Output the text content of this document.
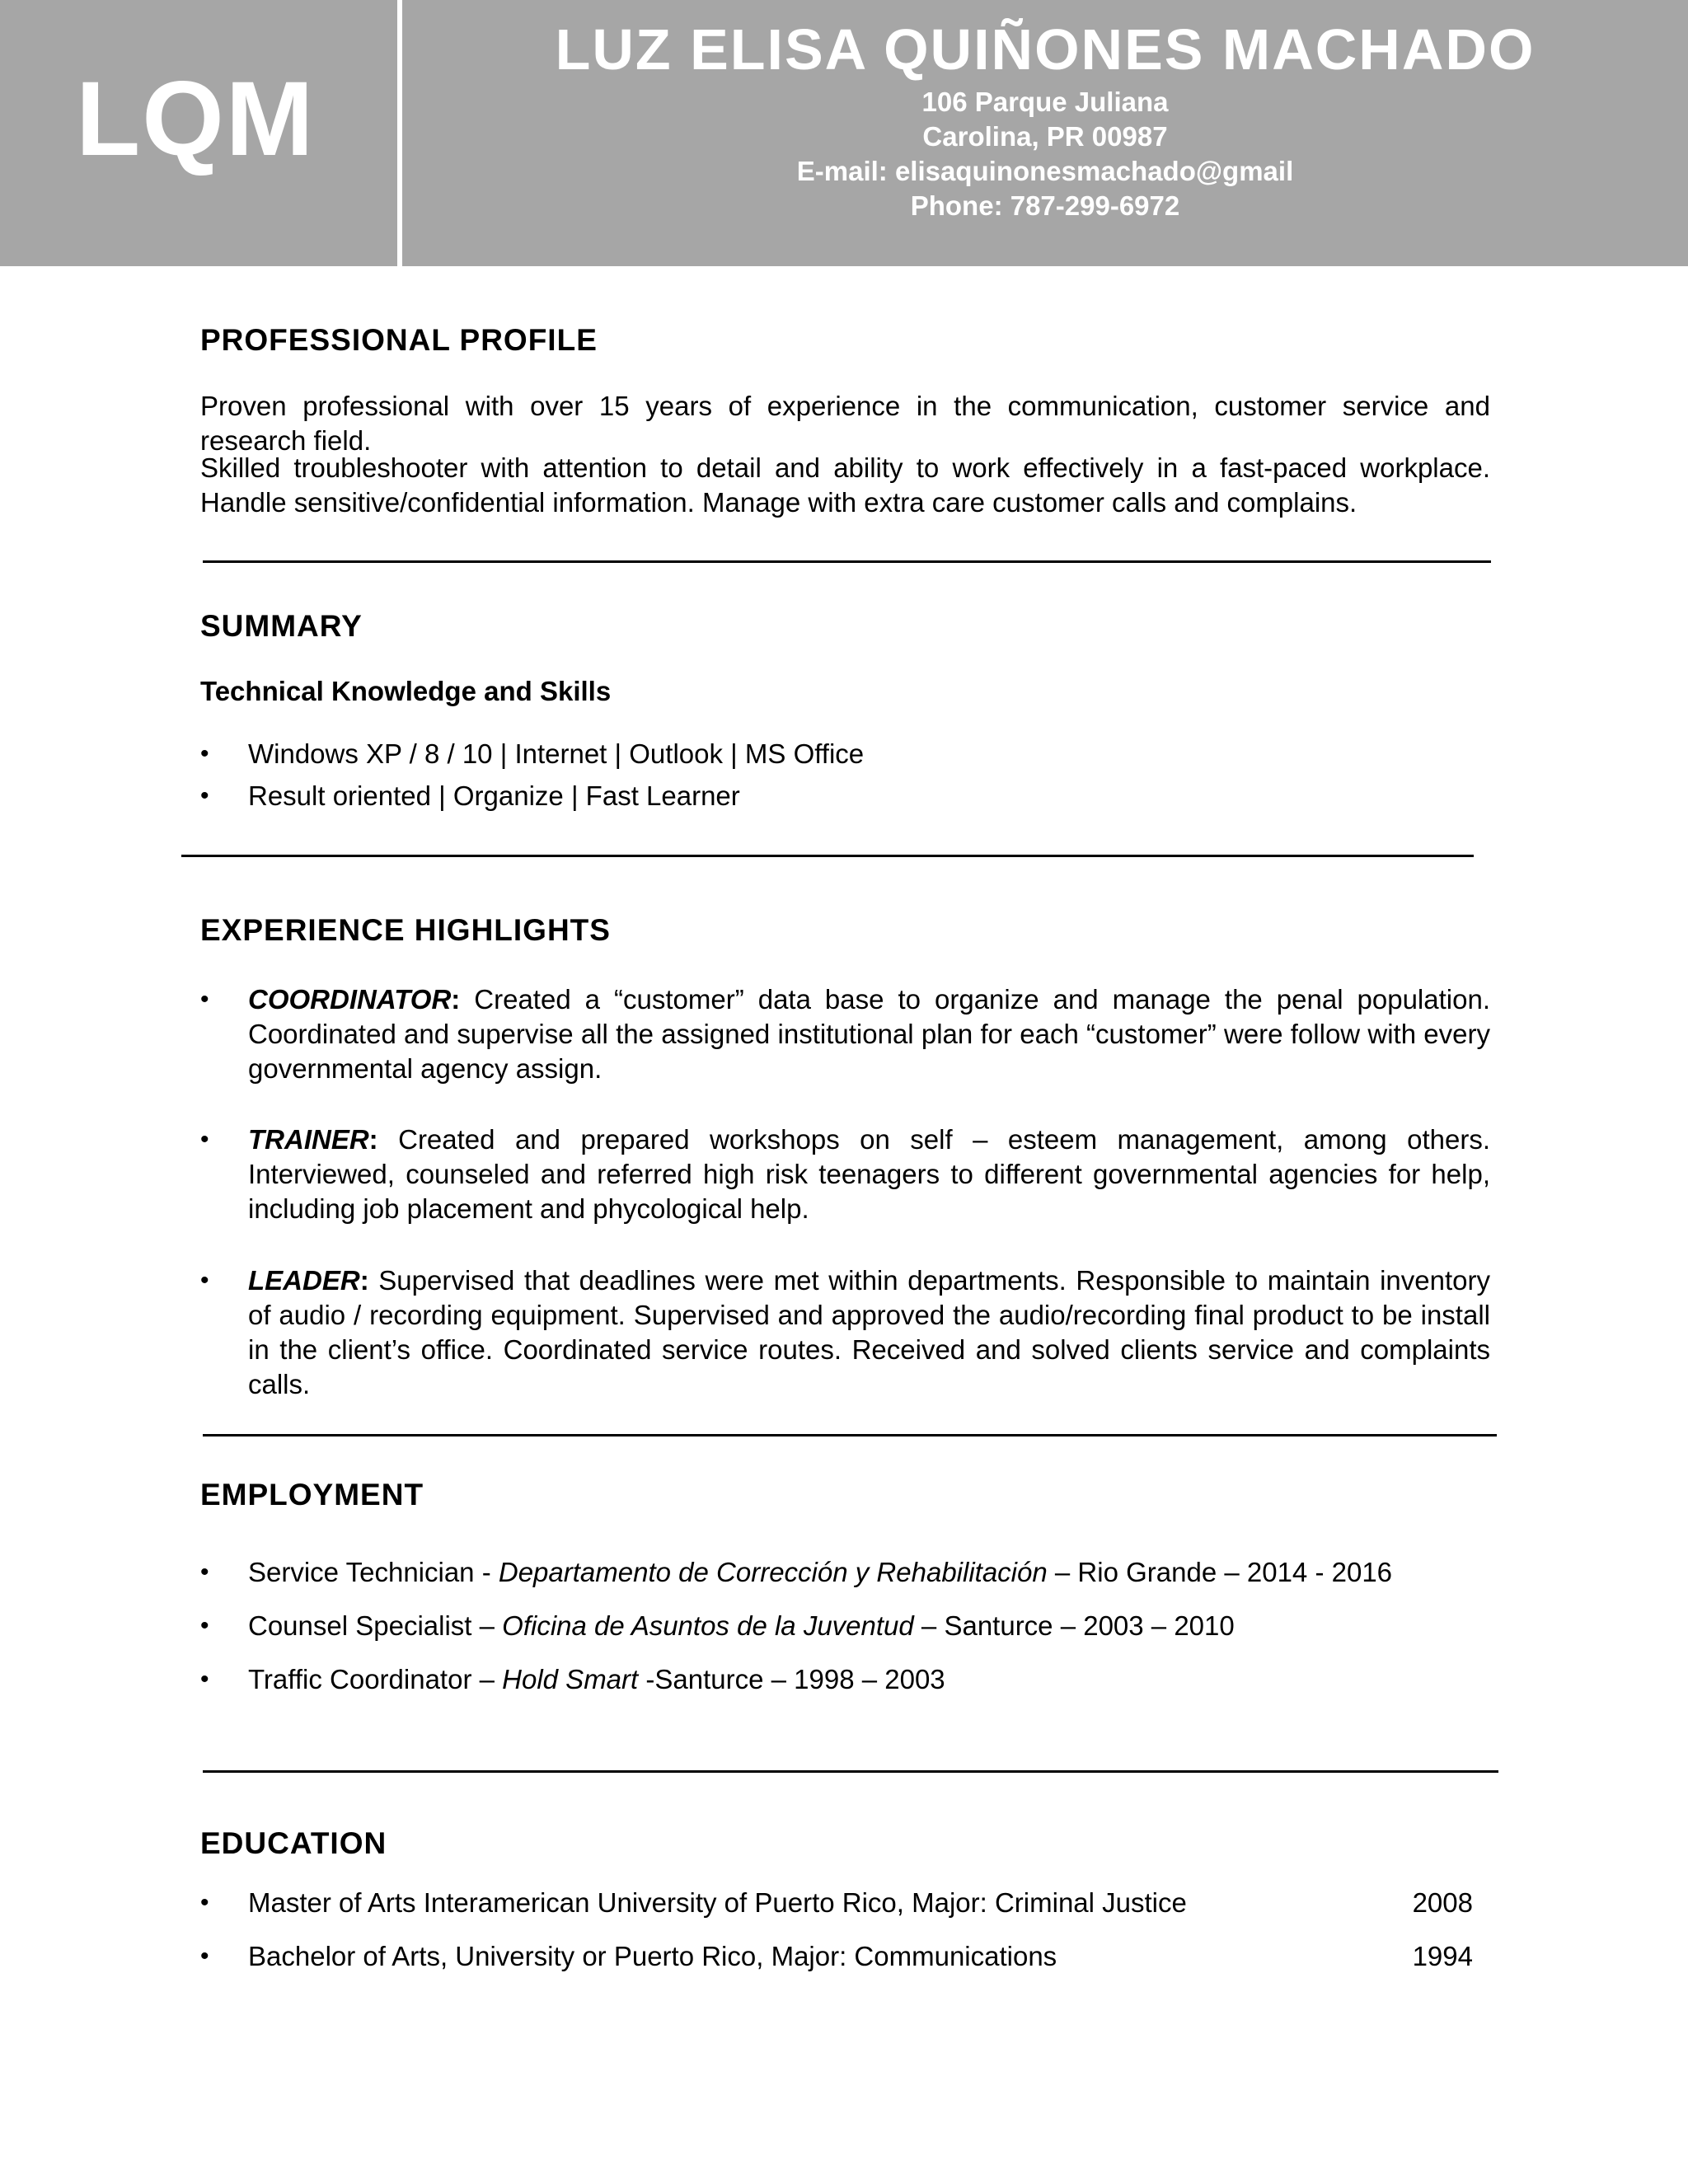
LQM
LUZ ELISA QUIÑONES MACHADO
106 Parque Juliana
Carolina, PR 00987
E-mail: elisaquinonesmachado@gmail
Phone: 787-299-6972
PROFESSIONAL PROFILE
Proven professional with over 15 years of experience in the communication, customer service and research field.
Skilled troubleshooter with attention to detail and ability to work effectively in a fast-paced workplace. Handle sensitive/confidential information. Manage with extra care customer calls and complains.
SUMMARY
Technical Knowledge and Skills
•	Windows XP / 8 / 10 | Internet | Outlook | MS Office
•	Result oriented | Organize | Fast Learner
EXPERIENCE HIGHLIGHTS
•	COORDINATOR: Created a “customer” data base to organize and manage the penal population. Coordinated and supervise all the assigned institutional plan for each “customer” were follow with every governmental agency assign.
•	TRAINER: Created and prepared workshops on self – esteem management, among others. Interviewed, counseled and referred high risk teenagers to different governmental agencies for help, including job placement and phycological help.
•	LEADER: Supervised that deadlines were met within departments. Responsible to maintain inventory of audio / recording equipment. Supervised and approved the audio/recording final product to be install in the client’s office. Coordinated service routes. Received and solved clients service and complaints calls.
EMPLOYMENT
•	Service Technician - Departamento de Corrección y Rehabilitación – Rio Grande – 2014 - 2016
•	Counsel Specialist – Oficina de Asuntos de la Juventud – Santurce – 2003 – 2010
•	Traffic Coordinator – Hold Smart -Santurce – 1998 – 2003
EDUCATION
•	Master of Arts Interamerican University of Puerto Rico, Major: Criminal Justice	2008
•	Bachelor of Arts, University or Puerto Rico, Major: Communications	1994
